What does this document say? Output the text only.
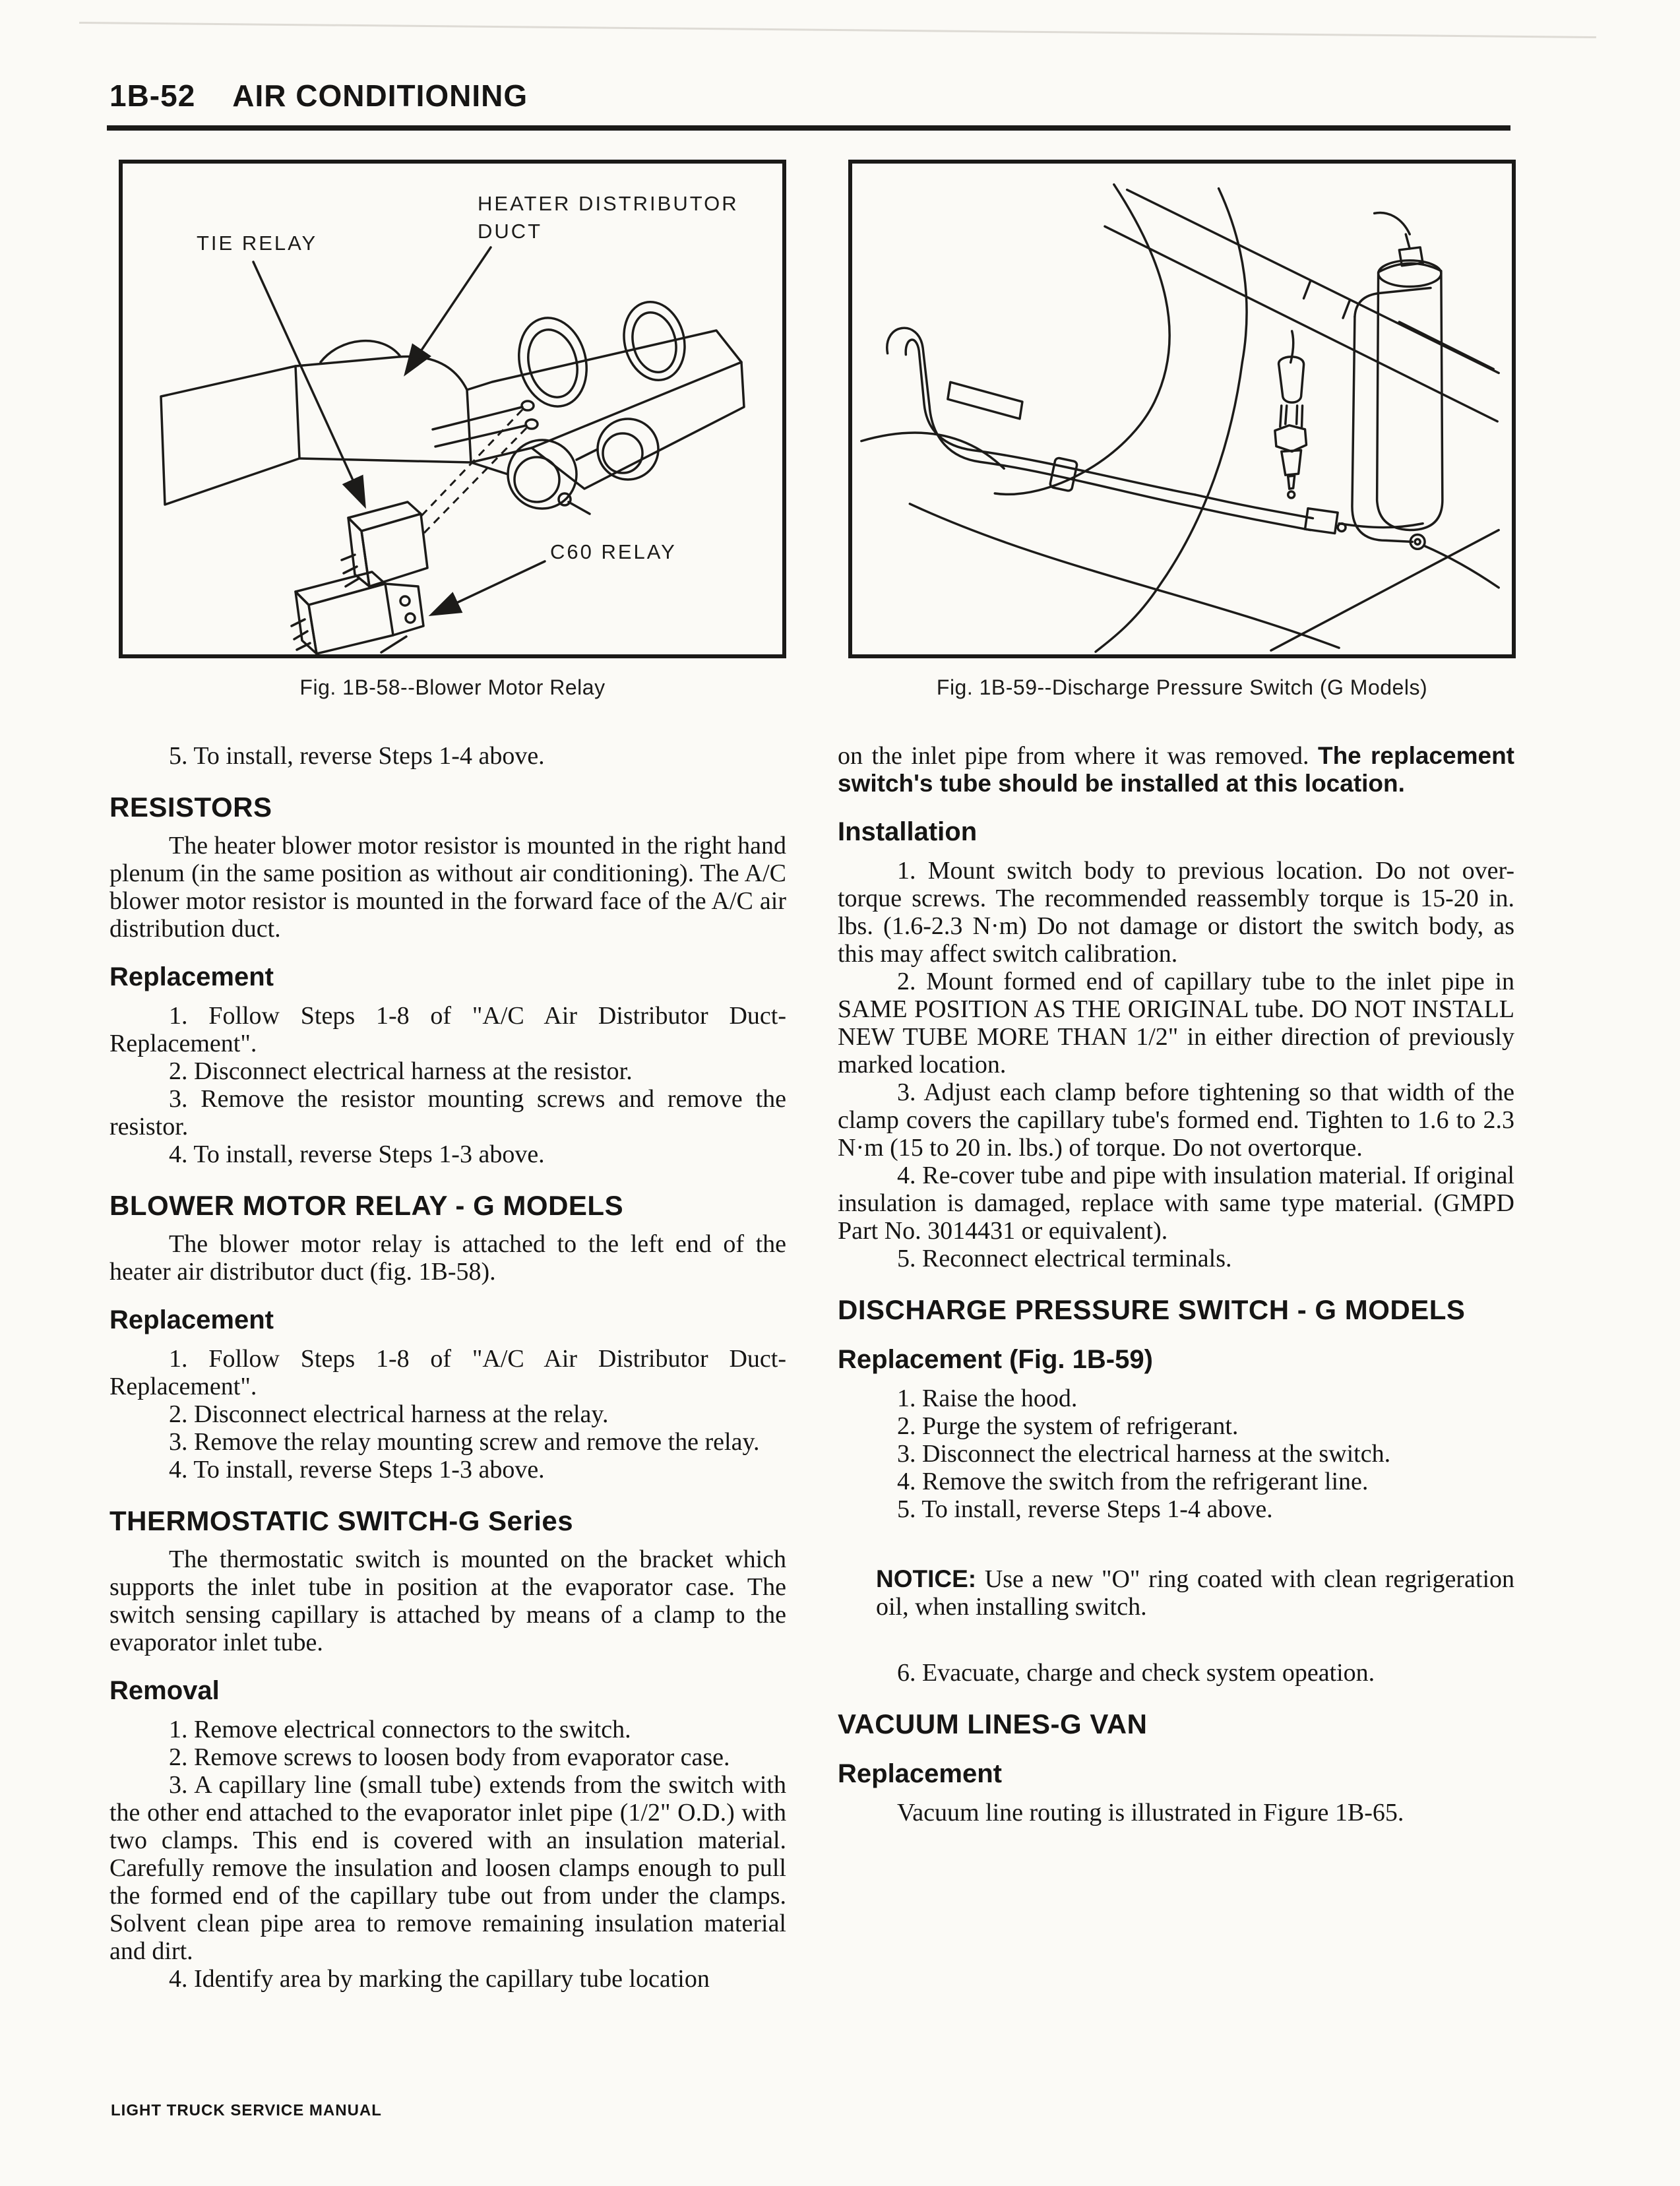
1B-52 AIR CONDITIONING
TIE RELAY
HEATER DISTRIBUTOR
DUCT
C60 RELAY
Fig. 1B-58--Blower Motor Relay	Fig. 1B-59--Discharge Pressure Switch (G Models)

5. To install, reverse Steps 1-4 above.

RESISTORS

The heater blower motor resistor is mounted in the right hand plenum (in the same position as without air conditioning). The A/C blower motor resistor is mounted in the forward face of the A/C air distribution duct.

Replacement

1. Follow Steps 1-8 of "A/C Air Distributor Duct-Replacement".

2. Disconnect electrical harness at the resistor.

3. Remove the resistor mounting screws and remove the resistor.

4. To install, reverse Steps 1-3 above.

BLOWER MOTOR RELAY - G MODELS

The blower motor relay is attached to the left end of the heater air distributor duct (fig. 1B-58).

Replacement

1. Follow Steps 1-8 of "A/C Air Distributor Duct-Replacement".

2. Disconnect electrical harness at the relay.

3. Remove the relay mounting screw and remove the relay.

4. To install, reverse Steps 1-3 above.

THERMOSTATIC SWITCH-G Series

The thermostatic switch is mounted on the bracket which supports the inlet tube in position at the evaporator case. The switch sensing capillary is attached by means of a clamp to the evaporator inlet tube.

Removal

1. Remove electrical connectors to the switch.

2. Remove screws to loosen body from evaporator case.

3. A capillary line (small tube) extends from the switch with the other end attached to the evaporator inlet pipe (1/2" O.D.) with two clamps. This end is covered with an insulation material. Carefully remove the insulation and loosen clamps enough to pull the formed end of the capillary tube out from under the clamps. Solvent clean pipe area to remove remaining insulation material and dirt.

4. Identify area by marking the capillary tube location

on the inlet pipe from where it was removed. The replacement switch's tube should be installed at this location.

Installation

1. Mount switch body to previous location. Do not over-torque screws. The recommended reassembly torque is 15-20 in. lbs. (1.6-2.3 N·m) Do not damage or distort the switch body, as this may affect switch calibration.

2. Mount formed end of capillary tube to the inlet pipe in SAME POSITION AS THE ORIGINAL tube. DO NOT INSTALL NEW TUBE MORE THAN 1/2" in either direction of previously marked location.

3. Adjust each clamp before tightening so that width of the clamp covers the capillary tube's formed end. Tighten to 1.6 to 2.3 N·m (15 to 20 in. lbs.) of torque. Do not overtorque.

4. Re-cover tube and pipe with insulation material. If original insulation is damaged, replace with same type material. (GMPD Part No. 3014431 or equivalent).

5. Reconnect electrical terminals.

DISCHARGE PRESSURE SWITCH - G MODELS
Replacement (Fig. 1B-59)

1. Raise the hood.

2. Purge the system of refrigerant.

3. Disconnect the electrical harness at the switch.

4. Remove the switch from the refrigerant line.

5. To install, reverse Steps 1-4 above.

NOTICE: Use a new "O" ring coated with clean regrigeration oil, when installing switch.

6. Evacuate, charge and check system opeation.

VACUUM LINES-G VAN
Replacement

Vacuum line routing is illustrated in Figure 1B-65.

LIGHT TRUCK SERVICE MANUAL
